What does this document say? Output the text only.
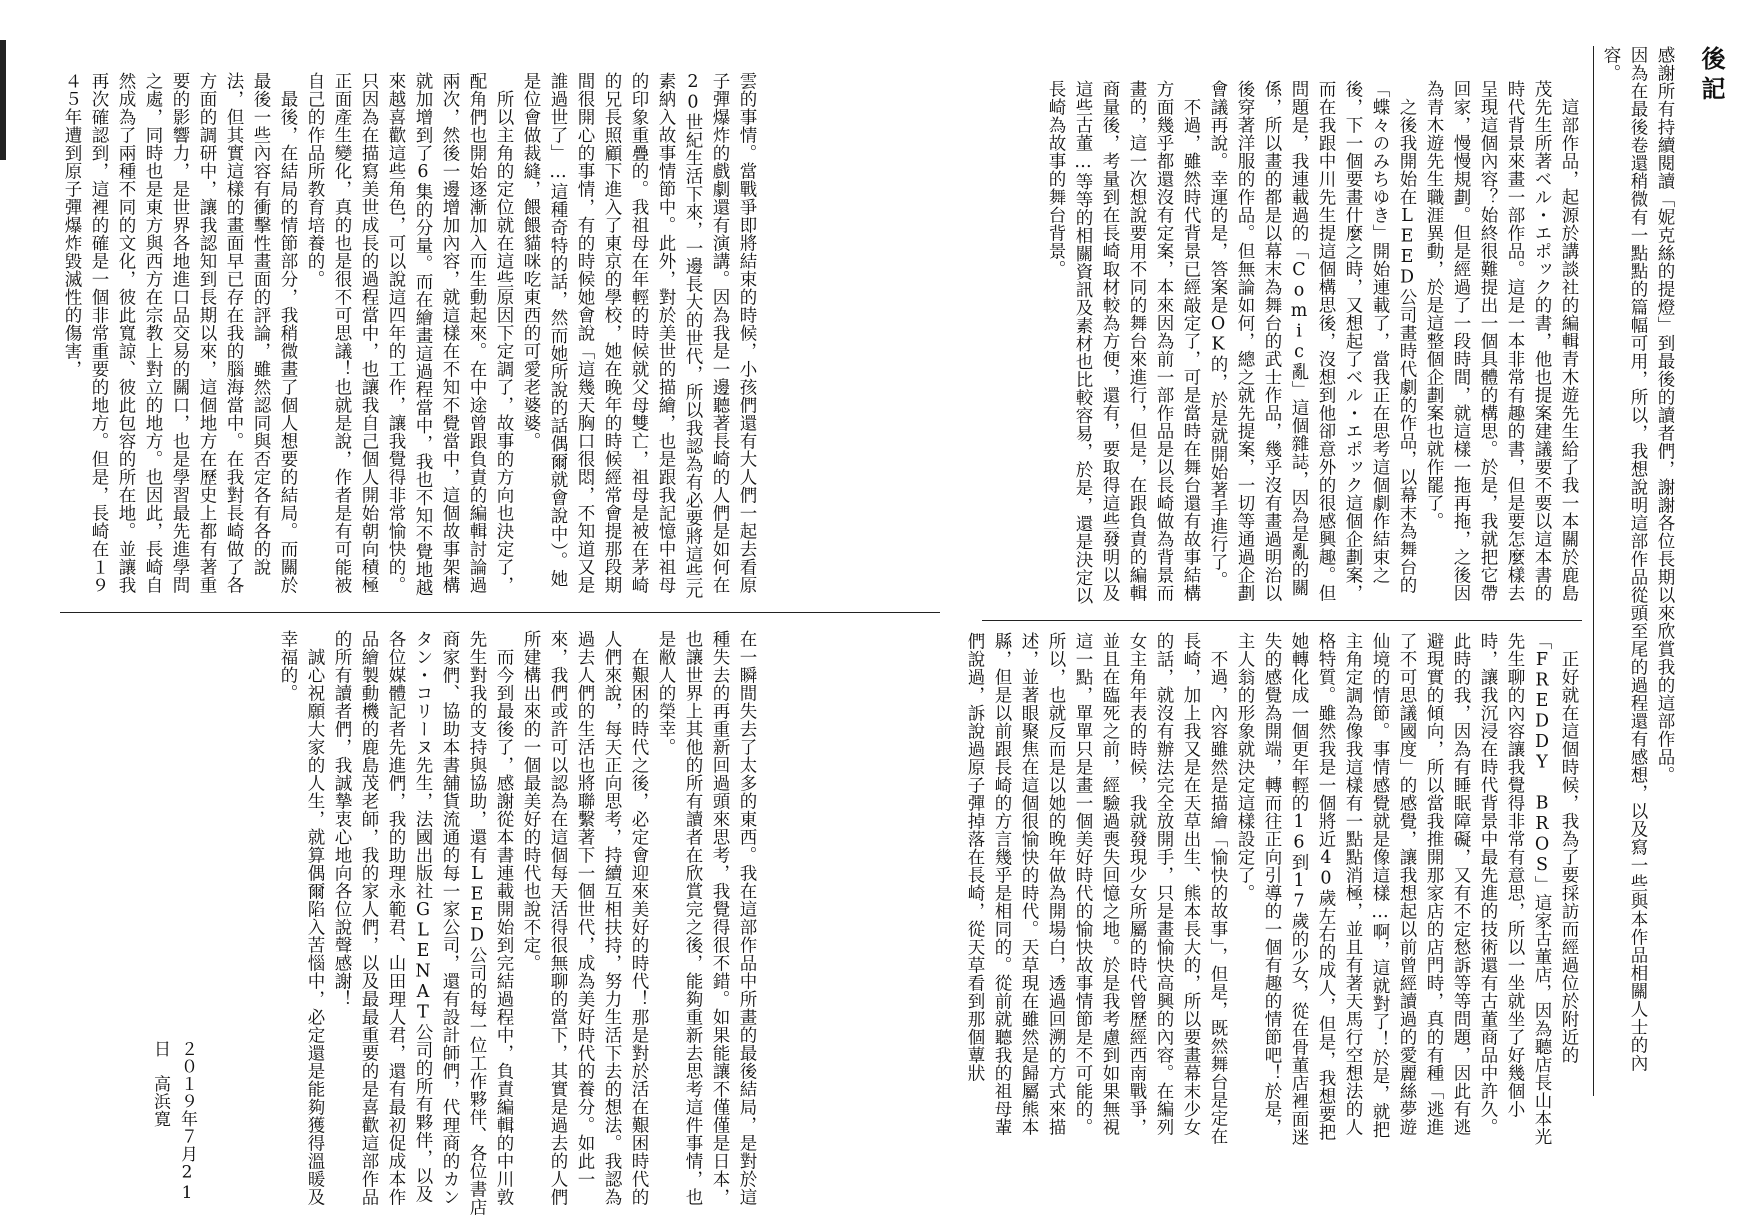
雲的事情。當戰爭即將結束的時候，小孩們還有大人們一起去看原子彈爆炸的戲劇還有演講。因為我是一邊聽著長崎的人們是如何在20世紀生活下來，一邊長大的世代，所以我認為有必要將這些元素納入故事情節中。此外，對於美世的描繪，也是跟我記憶中祖母的印象重疊的。我祖母在年輕的時候就父母雙亡，祖母是被在茅崎的兄長照顧下進入了東京的學校，她在晚年的時候經常會提那段期間很開心的事情，有的時候她會說「這幾天胸口很悶，不知道又是誰過世了」…這種奇特的話，然而她所說的話偶爾就會說中）。她是位會做裁縫，餵餵貓咪吃東西的可愛老婆婆。
　所以主角的定位就在這些原因下定調了，故事的方向也決定了，配角們也開始逐漸加入而生動起來。在中途曾跟負責的編輯討論過兩次，然後一邊增加內容，就這樣在不知不覺當中，這個故事架構就加增到了6集的分量。而在繪畫這過程當中，我也不知不覺地越來越喜歡這些角色，可以說這四年的工作，讓我覺得非常愉快的。只因為在描寫美世成長的過程當中，也讓我自己個人開始朝向積極正面產生變化，真的也是很不可思議！也就是說，作者是有可能被自己的作品所教育培養的。
　最後，在結局的情節部分，我稍微畫了個人想要的結局。而關於最後一些內容有衝擊性畫面的評論，雖然認同與否定各有各的說法，但其實這樣的畫面早已存在我的腦海當中。在我對長崎做了各方面的調研中，讓我認知到長期以來，這個地方在歷史上都有著重要的影響力，是世界各地進口品交易的關口，也是學習最先進學問之處，同時也是東方與西方在宗教上對立的地方。也因此，長崎自然成為了兩種不同的文化，彼此寬諒、彼此包容的所在地。並讓我再次確認到，這裡的確是一個非常重要的地方。但是，長崎在１９４５年遭到原子彈爆炸毀滅性的傷害，
在一瞬間失去了太多的東西。我在這部作品中所畫的最後結局，是對於這種失去的再重新回過頭來思考，我覺得很不錯。如果能讓不僅僅是日本，也讓世界上其他的所有讀者在欣賞完之後，能夠重新去思考這件事情，也是敝人的榮幸。
　在艱困的時代之後，必定會迎來美好的時代！那是對於活在艱困時代的人們來說，每天正向思考，持續互相扶持，努力生活下去的想法。我認為過去人們的生活也將聯繫著下一個世代，成為美好時代的養分。如此一來，我們或許可以認為在這個每天活得很無聊的當下，其實是過去的人們所建構出來的一個最美好的時代也說不定。
　而今到最後了，感謝從本書連載開始到完結過程中，負責編輯的中川敦先生對我的支持與協助，還有LEED公司的每一位工作夥伴、各位書店商家們、協助本書舖貨流通的每一家公司，還有設計師們，代理商的カンタン・コリーヌ先生，法國出版社GLENAT公司的所有夥伴，以及各位媒體記者先進們，我的助理永範君、山田理人君，還有最初促成本作品繪製動機的鹿島茂老師，我的家人們，以及最最重要的是喜歡這部作品的所有讀者們，我誠摯衷心地向各位說聲感謝！
　誠心祝願大家的人生，就算偶爾陷入苦惱中，必定還是能夠獲得溫暖及幸福的。
２０１９年７月21日　高浜寛
後記
感謝所有持續閱讀「妮克絲的提燈」到最後的讀者們，謝謝各位長期以來欣賞我的這部作品。
因為在最後卷還稍微有一點點的篇幅可用，所以，我想說明這部作品從頭至尾的過程還有感想，以及寫一些與本作品相關人士的內容。
　這部作品，起源於講談社的編輯青木遊先生給了我一本關於鹿島茂先生所著ベル・エポック的書，他也提案建議要不要以這本書的時代背景來畫一部作品。這是一本非常有趣的書，但是要怎麼樣去呈現這個內容？始終很難提出一個具體的構思。於是，我就把它帶回家，慢慢規劃。但是經過了一段時間，就這樣一拖再拖，之後因為青木遊先生職涯異動，於是這整個企劃案也就作罷了。
　之後我開始在LEED公司畫時代劇的作品，以幕末為舞台的「蝶々のみちゆき」開始連載了，當我正在思考這個劇作結束之後，下一個要畫什麼之時，又想起了ベル・エポック這個企劃案，而在我跟中川先生提這個構思後，沒想到他卻意外的很感興趣。但問題是，我連載過的「Comic亂」這個雜誌，因為是亂的關係，所以畫的都是以幕末為舞台的武士作品，幾乎沒有畫過明治以後穿著洋服的作品。但無論如何，總之就先提案，一切等通過企劃會議再說。幸運的是，答案是OK的，於是就開始著手進行了。
　不過，雖然時代背景已經敲定了，可是當時在舞台還有故事結構方面幾乎都還沒有定案，本來因為前一部作品是以長崎做為背景而畫的，這一次想說要用不同的舞台來進行，但是，在跟負責的編輯商量後，考量到在長崎取材較為方便，還有，要取得這些發明以及這些古董…等等的相關資訊及素材也比較容易，於是，還是決定以長崎為故事的舞台背景。
　正好就在這個時候，我為了要採訪而經過位於附近的「FREDDY BROS」這家古董店，因為聽店長山本光先生聊的內容讓我覺得非常有意思，所以一坐就坐了好幾個小時，讓我沉浸在時代背景中最先進的技術還有古董商品中許久。此時的我，因為有睡眠障礙，又有不定愁訴等等問題，因此有逃避現實的傾向，所以當我推開那家店的店門時，真的有種「逃進了不可思議國度」的感覺，讓我想起以前曾經讀過的愛麗絲夢遊仙境的情節。事情感覺就是像這樣…啊，這就對了！於是，就把主角定調為像我這樣有一點點消極，並且有著天馬行空想法的人格特質。雖然我是一個將近40歲左右的成人，但是，我想要把她轉化成一個更年輕的16到17歲的少女，從在骨董店裡面迷失的感覺為開端，轉而往正向引導的一個有趣的情節吧！於是，主人翁的形象就決定這樣設定了。
　不過，內容雖然是描繪「愉快的故事」，但是，既然舞台是定在長崎，加上我又是在天草出生、熊本長大的，所以要畫幕末少女的話，就沒有辦法完全放開手，只是畫愉快高興的內容。在編列女主角年表的時候，我就發現少女所屬的時代曾歷經西南戰爭，並且在臨死之前，經驗過喪失回憶之地。於是我考慮到如果無視這一點，單單只是畫一個美好時代的愉快故事情節是不可能的。所以，也就反而是以她的晚年做為開場白，透過回溯的方式來描述，並著眼聚焦在這個很愉快的時代。天草現在雖然是歸屬熊本縣，但是以前跟長崎的方言幾乎是相同的。從前就聽我的祖母輩們說過，訴說過原子彈掉落在長崎，從天草看到那個蕈狀
